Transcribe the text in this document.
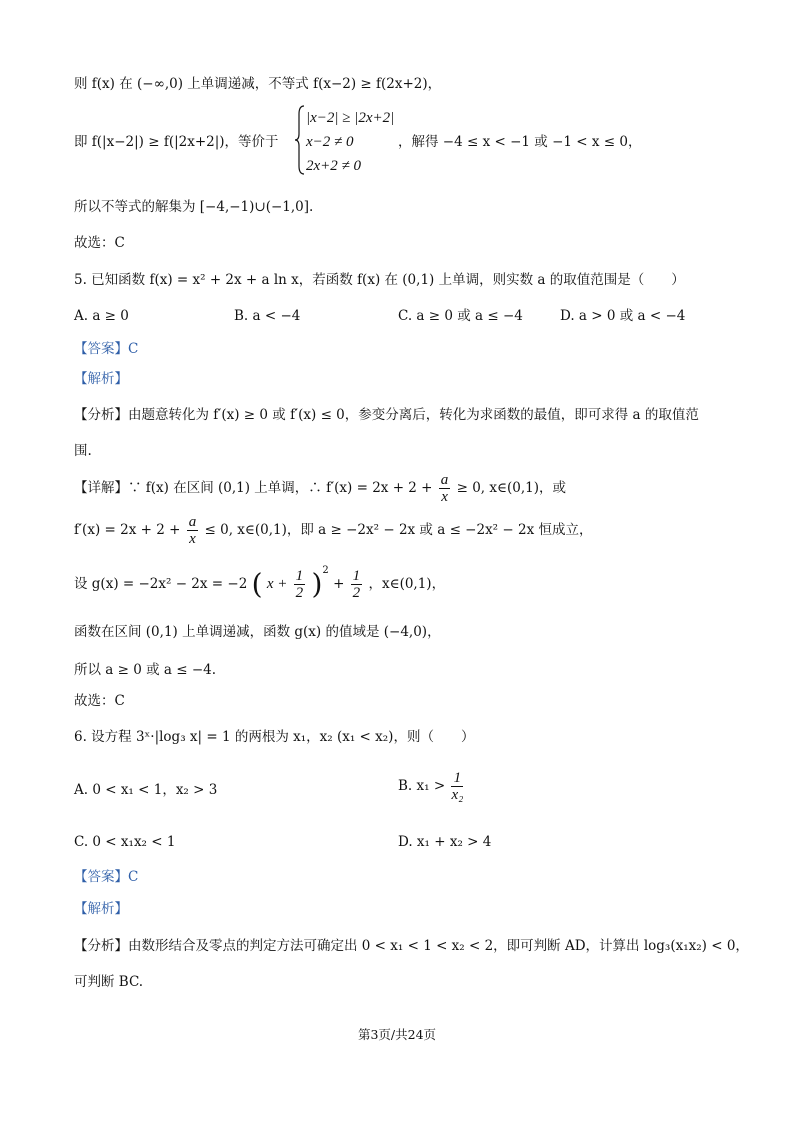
则 f(x) 在 (−∞,0) 上单调递减，不等式 f(x−2) ≥ f(2x+2)，
即 f(|x−2|) ≥ f(|2x+2|)，等价于
|x−2| ≥ |2x+2|
x−2 ≠ 0
2x+2 ≠ 0
，解得 −4 ≤ x < −1 或 −1 < x ≤ 0，
所以不等式的解集为 [−4,−1)∪(−1,0].
故选：C
5. 已知函数 f(x) = x² + 2x + a ln x，若函数 f(x) 在 (0,1) 上单调，则实数 a 的取值范围是（　　）
A. a ≥ 0	B. a < −4	C. a ≥ 0 或 a ≤ −4	D. a > 0 或 a < −4
【答案】C
【解析】
【分析】由题意转化为 f′(x) ≥ 0 或 f′(x) ≤ 0，参变分离后，转化为求函数的最值，即可求得 a 的取值范
围.
【详解】∵ f(x) 在区间 (0,1) 上单调，∴ $f'(x) = 2x + 2 + \frac{a}{x} \ge 0$, x∈(0,1)，或
$f'(x) = 2x + 2 + \frac{a}{x} \le 0$, x∈(0,1)，即 a ≥ −2x² − 2x 或 a ≤ −2x² − 2x 恒成立，
设 g(x) = −2x² − 2x = −2 ( $x + \frac{1}{2} )^2 + \frac{1}{2}$ ，x∈(0,1)，
函数在区间 (0,1) 上单调递减，函数 g(x) 的值域是 (−4,0)，
所以 a ≥ 0 或 a ≤ −4.
故选：C
6. 设方程 3ˣ·|log₃ x| = 1 的两根为 x₁，x₂ (x₁ < x₂)，则（　　）
A. 0 < x₁ < 1，x₂ > 3	B. $x_1 > \frac{1}{\text{x₂}}$
C. 0 < x₁x₂ < 1	D. x₁ + x₂ > 4
【答案】C
【解析】
【分析】由数形结合及零点的判定方法可确定出 0 < x₁ < 1 < x₂ < 2，即可判断 AD，计算出 log₃(x₁x₂) < 0，
可判断 BC.
第3页/共24页
